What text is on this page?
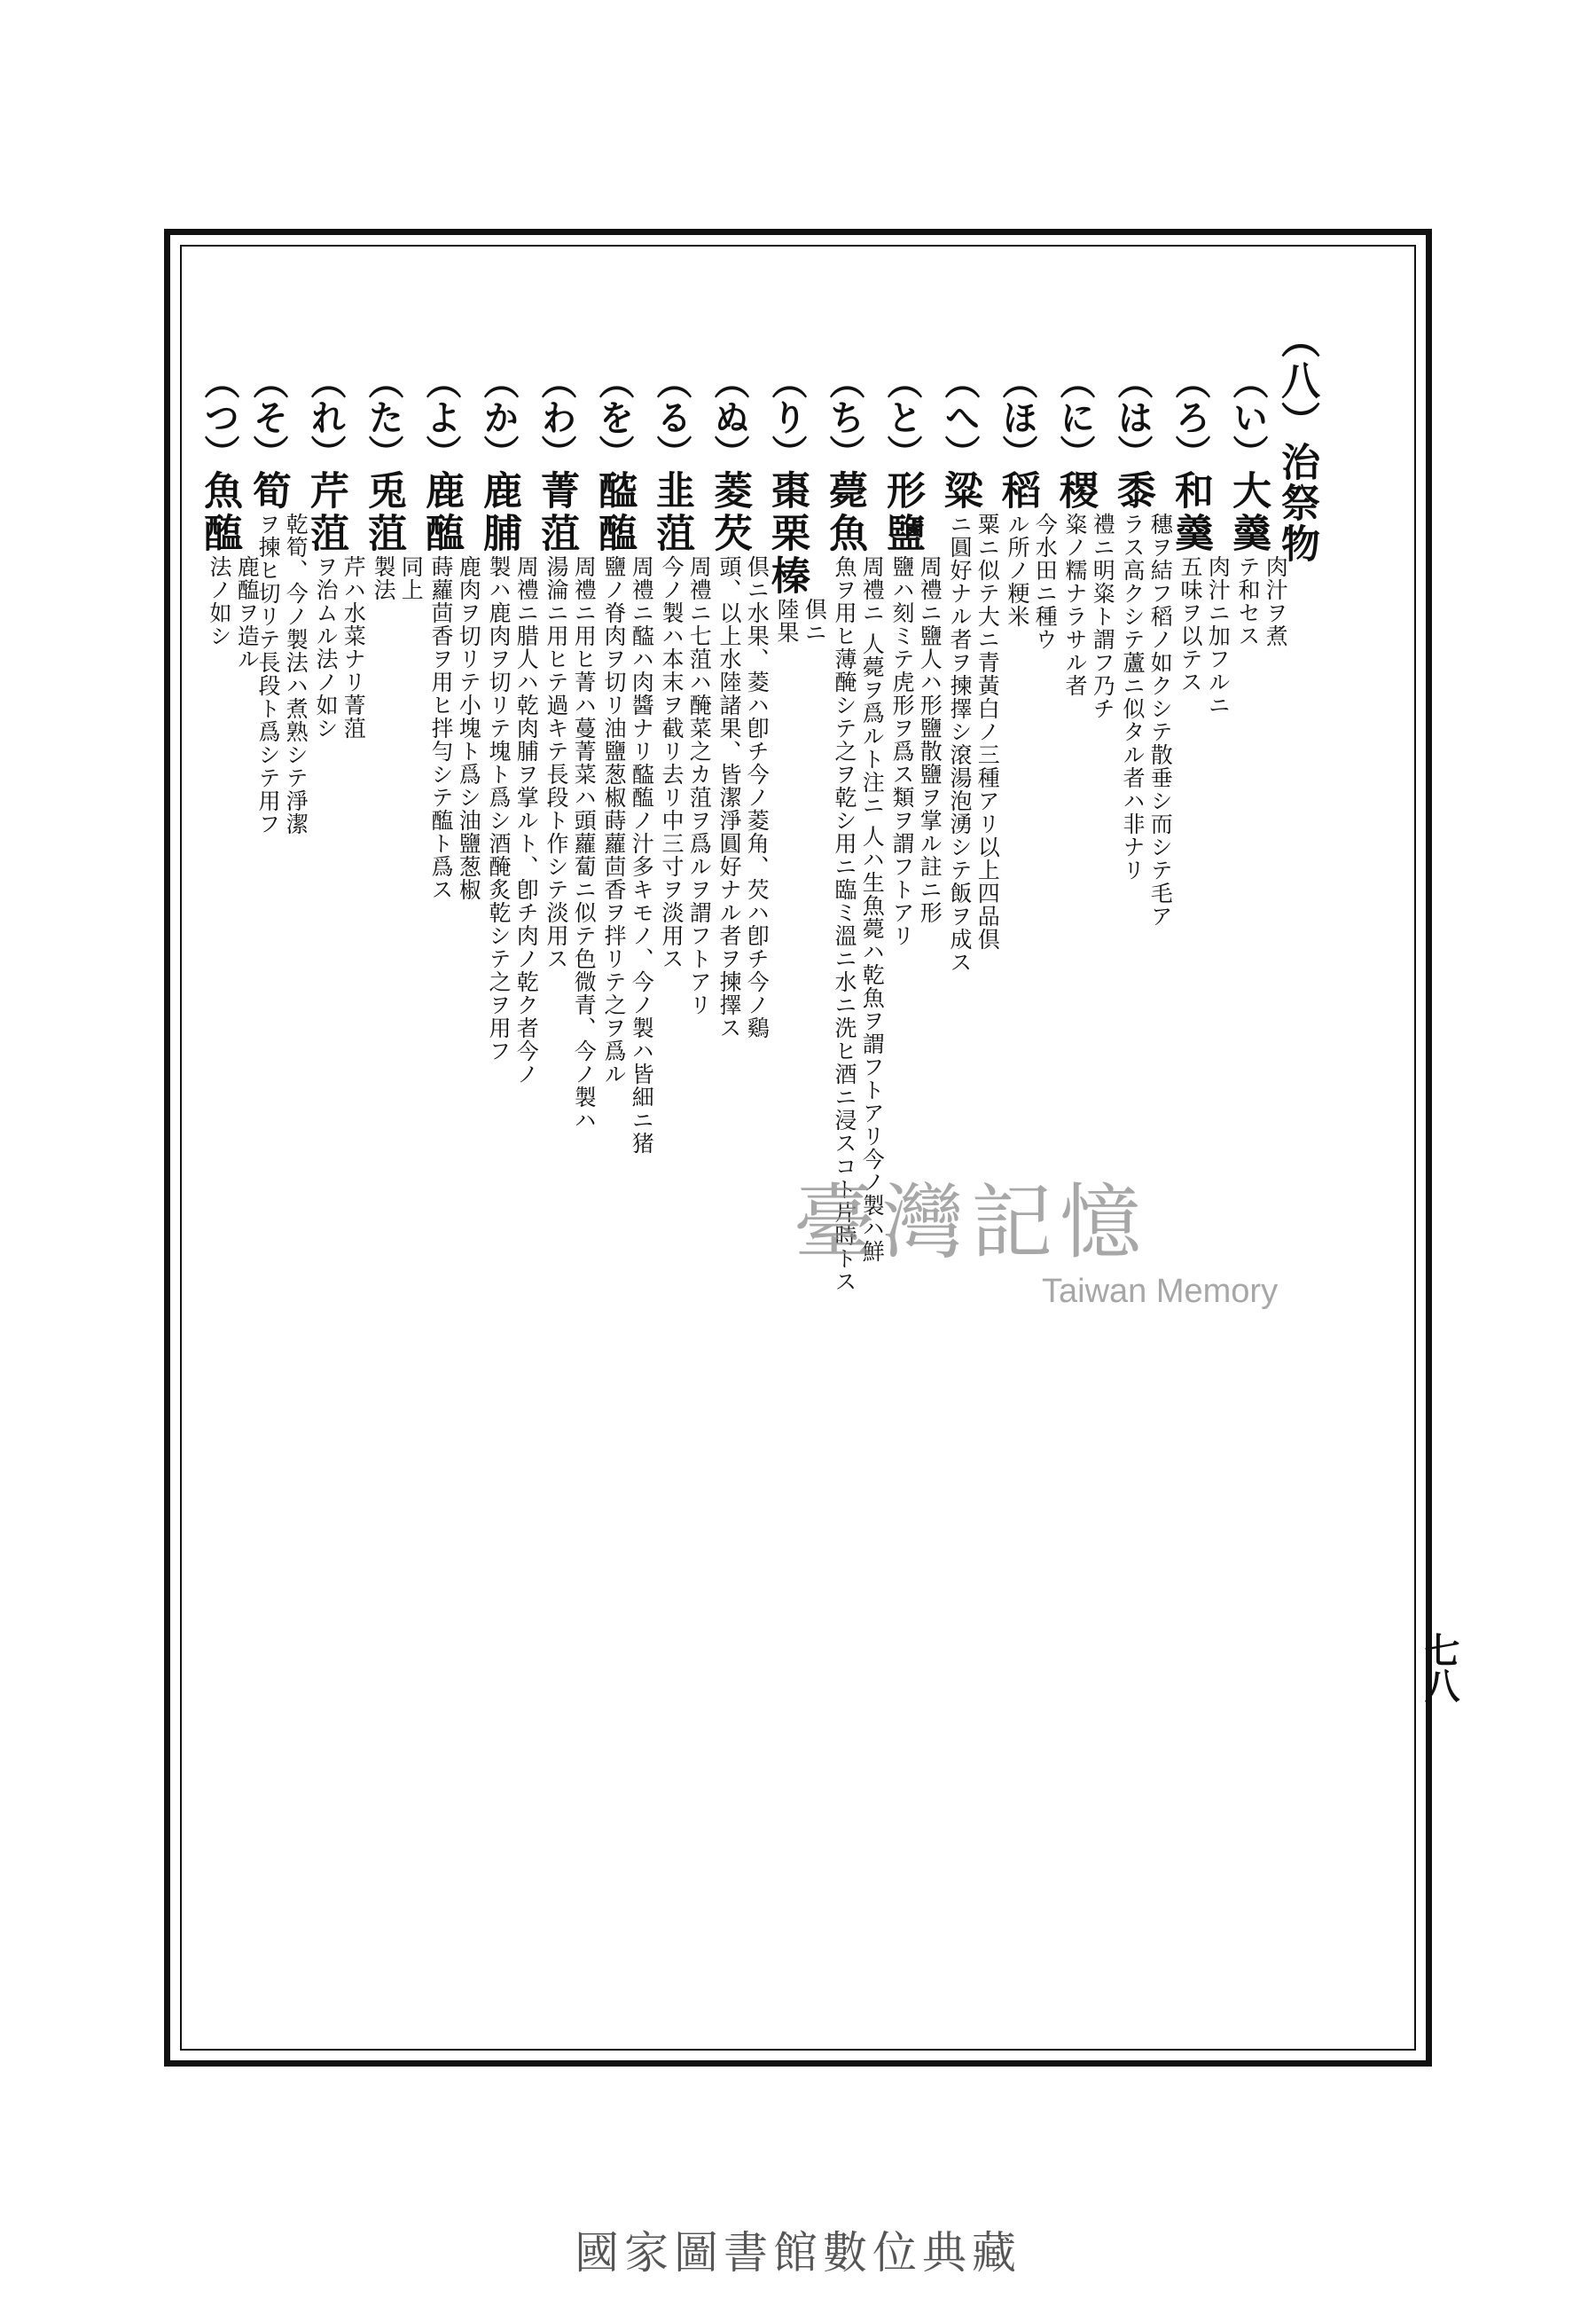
（八）治祭物
（い）大羹
肉汁ヲ煮
テ和セス
（ろ）和羹
肉汁ニ加フルニ
五味ヲ以テス
（は）黍
穗ヲ結フ稻ノ如クシテ散垂シ而シテ毛ア
ラス高クシテ蘆ニ似タル者ハ非ナリ
（に）稷
禮ニ明粢ト謂フ乃チ
粢ノ糯ナラサル者
（ほ）稻
今水田ニ種ウ
ル所ノ粳米
（へ）粱
粟ニ似テ大ニ青黃白ノ三種アリ以上四品倶
ニ圓好ナル者ヲ揀擇シ滾湯泡湧シテ飯ヲ成ス
（と）形鹽
周禮ニ鹽人ハ形鹽散鹽ヲ掌ル註ニ形
鹽ハ刻ミテ虎形ヲ爲ス類ヲ謂フトアリ
（ち）薨魚
周禮ニ 人薨ヲ爲ルト注ニ 人ハ生魚薨ハ乾魚ヲ謂フトアリ今ノ製ハ鮮
魚ヲ用ヒ薄醃シテ之ヲ乾シ用ニ臨ミ溫ニ水ニ洗ヒ酒ニ浸スコト片時トス
（り）棗栗榛
倶ニ
陸果
（ぬ）菱芡
倶ニ水果、菱ハ卽チ今ノ菱角、芡ハ卽チ今ノ鷄
頭、以上水陸諸果、皆潔淨圓好ナル者ヲ揀擇ス
（る）韭菹
周禮ニ七菹ハ醃菜之カ菹ヲ爲ルヲ謂フトアリ
今ノ製ハ本末ヲ截リ去リ中三寸ヲ淡用ス
（を）醓醢
周禮ニ醓ハ肉醬ナリ醓醢ノ汁多キモノ、今ノ製ハ皆細ニ猪
鹽ノ脊肉ヲ切リ油鹽葱椒蒔蘿茴香ヲ拌リテ之ヲ爲ル
（わ）菁菹
周禮ニ用ヒ菁ハ蔓菁菜ハ頭蘿蔔ニ似テ色微青、今ノ製ハ
湯淪ニ用ヒテ過キテ長段ト作シテ淡用ス
（か）鹿脯
周禮ニ腊人ハ乾肉脯ヲ掌ルト、卽チ肉ノ乾ク者今ノ
製ハ鹿肉ヲ切リテ塊ト爲シ酒醃炙乾シテ之ヲ用フ
（よ）鹿醢
鹿肉ヲ切リテ小塊ト爲シ油鹽葱椒
蒔蘿茴香ヲ用ヒ拌勻シテ醢ト爲ス
（た）兎菹
同上
製法
（れ）芹菹
芹ハ水菜ナリ菁菹
ヲ治ムル法ノ如シ
（そ）筍
乾筍、今ノ製法ハ煮熟シテ淨潔
ヲ揀ヒ切リテ長段ト爲シテ用フ
（つ）魚醢
鹿醢ヲ造ル
法ノ如シ
七八
臺灣記憶
Taiwan Memory
國家圖書館數位典藏
